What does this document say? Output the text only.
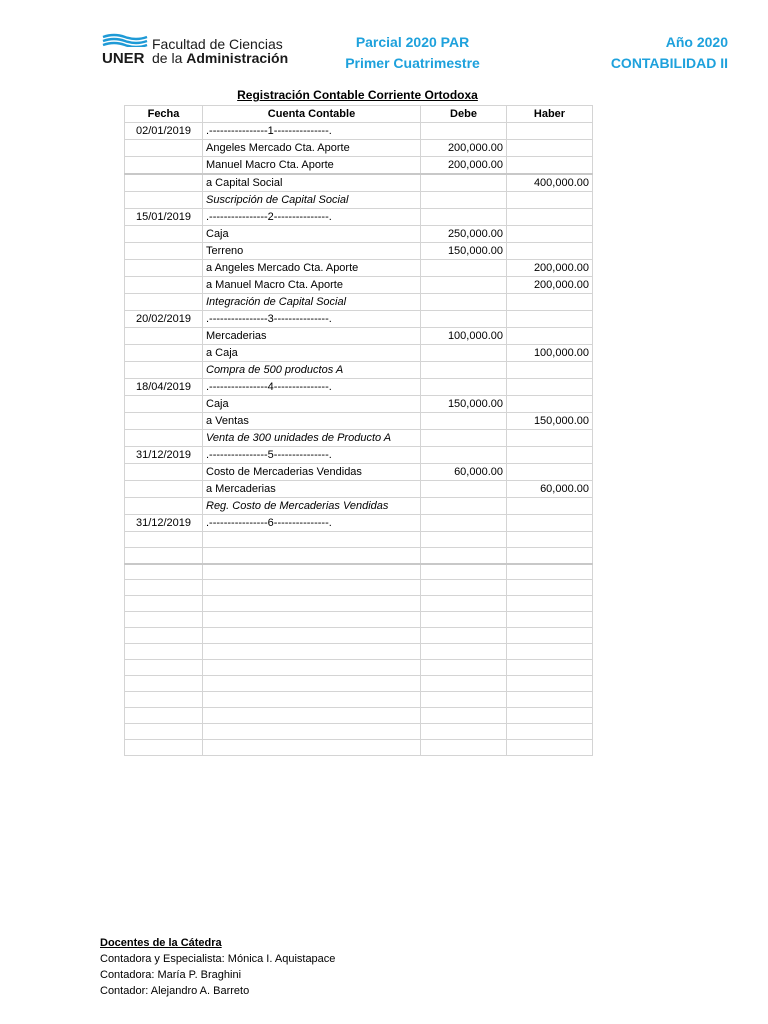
Facultad de Ciencias
UNER de la Administración
Parcial 2020 PAR
Primer Cuatrimestre
Año 2020
CONTABILIDAD II
Registración Contable Corriente Ortodoxa
Fecha	Cuenta Contable	Debe	Haber
02/01/2019	.----------------1---------------.		
	Angeles Mercado Cta. Aporte	200,000.00	
	Manuel Macro Cta. Aporte	200,000.00	
	a Capital Social		400,000.00
	Suscripción de Capital Social		
15/01/2019	.----------------2---------------.		
	Caja	250,000.00	
	Terreno	150,000.00	
	a Angeles Mercado Cta. Aporte		200,000.00
	a Manuel Macro Cta. Aporte		200,000.00
	Integración de Capital Social		
20/02/2019	.----------------3---------------.		
	Mercaderias	100,000.00	
	a Caja		100,000.00
	Compra de 500 productos A		
18/04/2019	.----------------4---------------.		
	Caja	150,000.00	
	a Ventas		150,000.00
	Venta de 300 unidades de Producto A		
31/12/2019	.----------------5---------------.		
	Costo de Mercaderias Vendidas	60,000.00	
	a Mercaderias		60,000.00
	Reg. Costo de Mercaderias Vendidas		
31/12/2019	.----------------6---------------.		

Docentes de la Cátedra
Contadora y Especialista: Mónica I. Aquistapace
Contadora: María P. Braghini
Contador: Alejandro A. Barreto
